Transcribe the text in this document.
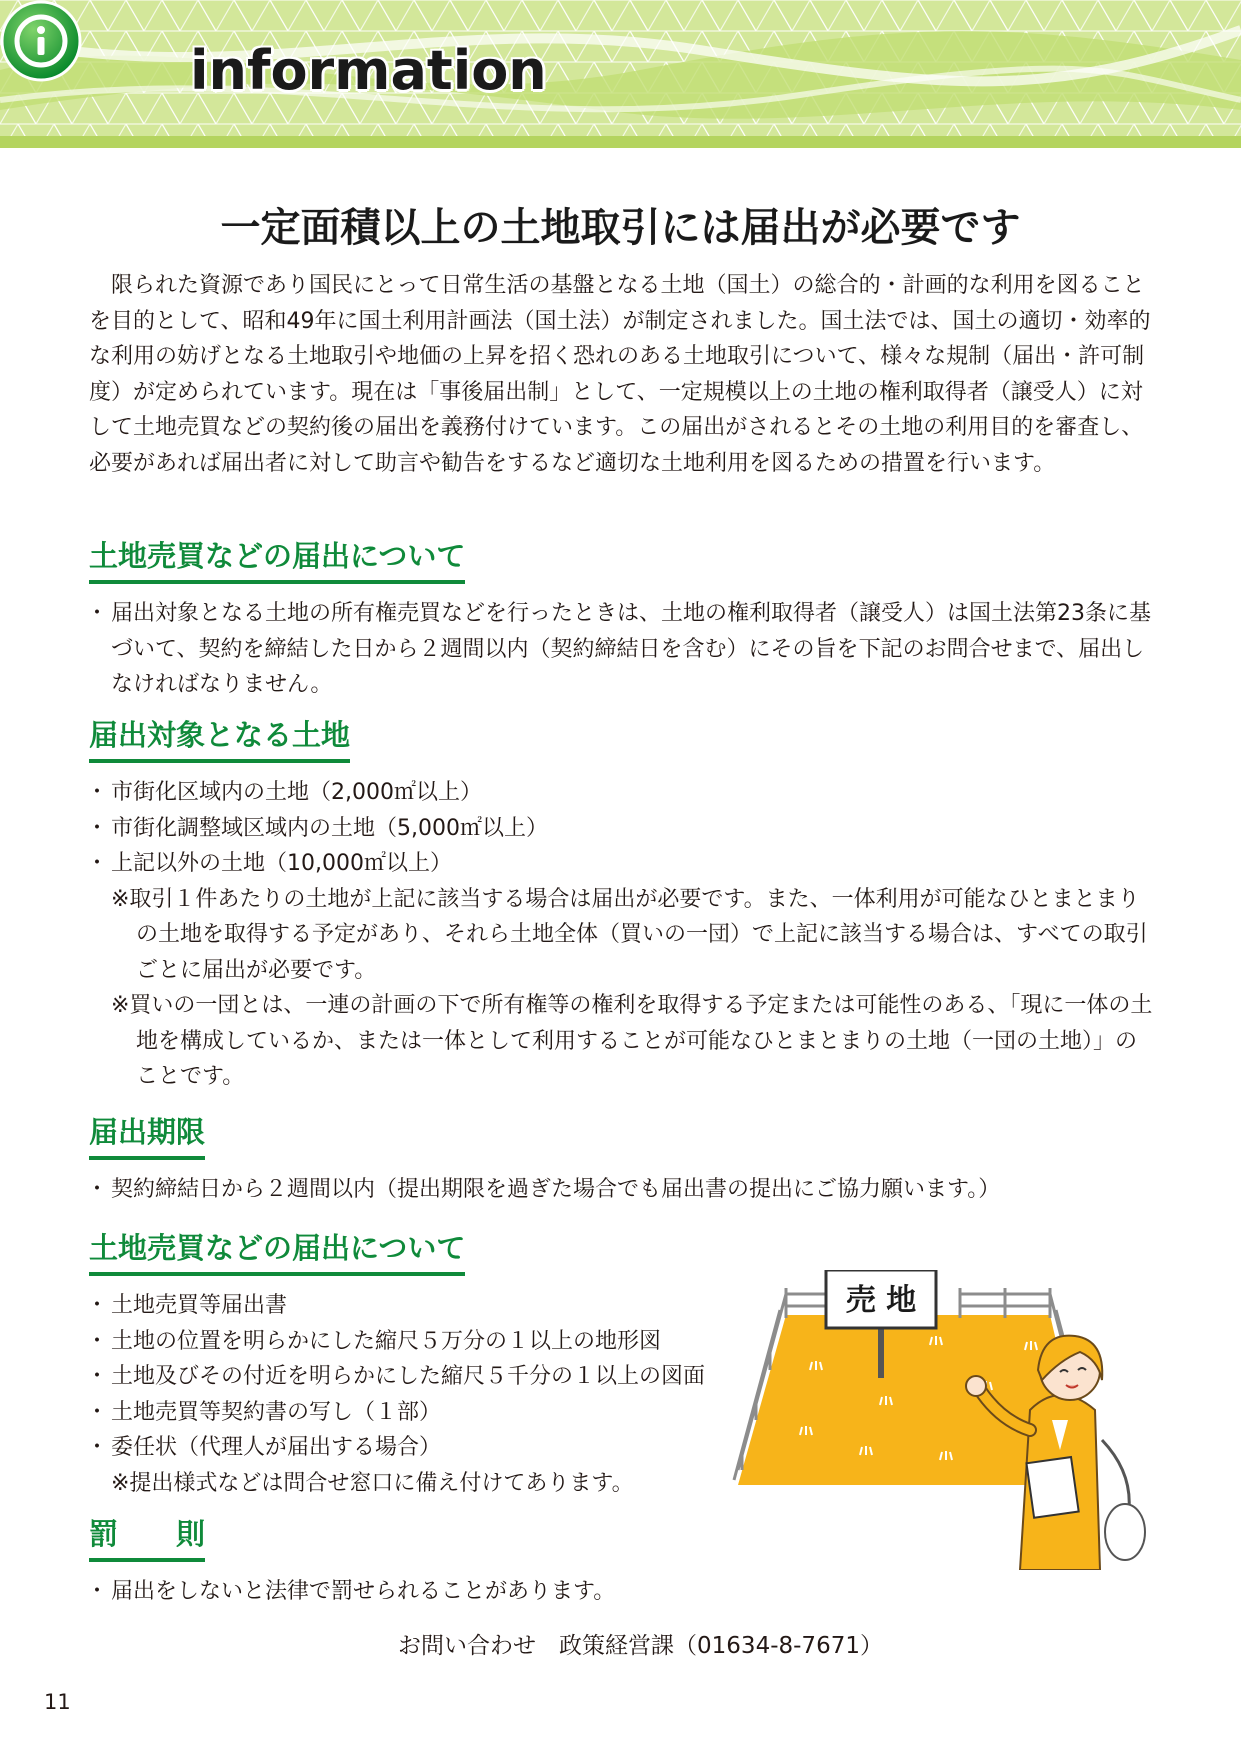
information
一定面積以上の土地取引には届出が必要です

限られた資源であり国民にとって日常生活の基盤となる土地（国土）の総合的・計画的な利用を図ることを目的として、昭和49年に国土利用計画法（国土法）が制定されました。国土法では、国土の適切・効率的な利用の妨げとなる土地取引や地価の上昇を招く恐れのある土地取引について、様々な規制（届出・許可制度）が定められています。現在は「事後届出制」として、一定規模以上の土地の権利取得者（譲受人）に対して土地売買などの契約後の届出を義務付けています。この届出がされるとその土地の利用目的を審査し、必要があれば届出者に対して助言や勧告をするなど適切な土地利用を図るための措置を行います。

土地売買などの届出について
・ 届出対象となる土地の所有権売買などを行ったときは、土地の権利取得者（譲受人）は国土法第23条に基づいて、契約を締結した日から２週間以内（契約締結日を含む）にその旨を下記のお問合せまで、届出しなければなりません。
届出対象となる土地
・ 市街化区域内の土地（2,000㎡以上）
・ 市街化調整域区域内の土地（5,000㎡以上）
・ 上記以外の土地（10,000㎡以上）

※取引１件あたりの土地が上記に該当する場合は届出が必要です。また、一体利用が可能なひとまとまりの土地を取得する予定があり、それら土地全体（買いの一団）で上記に該当する場合は、すべての取引ごとに届出が必要です。

※買いの一団とは、一連の計画の下で所有権等の権利を取得する予定または可能性のある、「現に一体の土地を構成しているか、または一体として利用することが可能なひとまとまりの土地（一団の土地）」のことです。

届出期限
・ 契約締結日から２週間以内（提出期限を過ぎた場合でも届出書の提出にご協力願います。）
土地売買などの届出について
・ 土地売買等届出書
・ 土地の位置を明らかにした縮尺５万分の１以上の地形図
・ 土地及びその付近を明らかにした縮尺５千分の１以上の図面
・ 土地売買等契約書の写し（１部）
・ 委任状（代理人が届出する場合）

※提出様式などは問合せ窓口に備え付けてあります。

罰　　則
・ 届出をしないと法律で罰せられることがあります。
売 地
お問い合わせ　政策経営課（01634-8-7671）
11
